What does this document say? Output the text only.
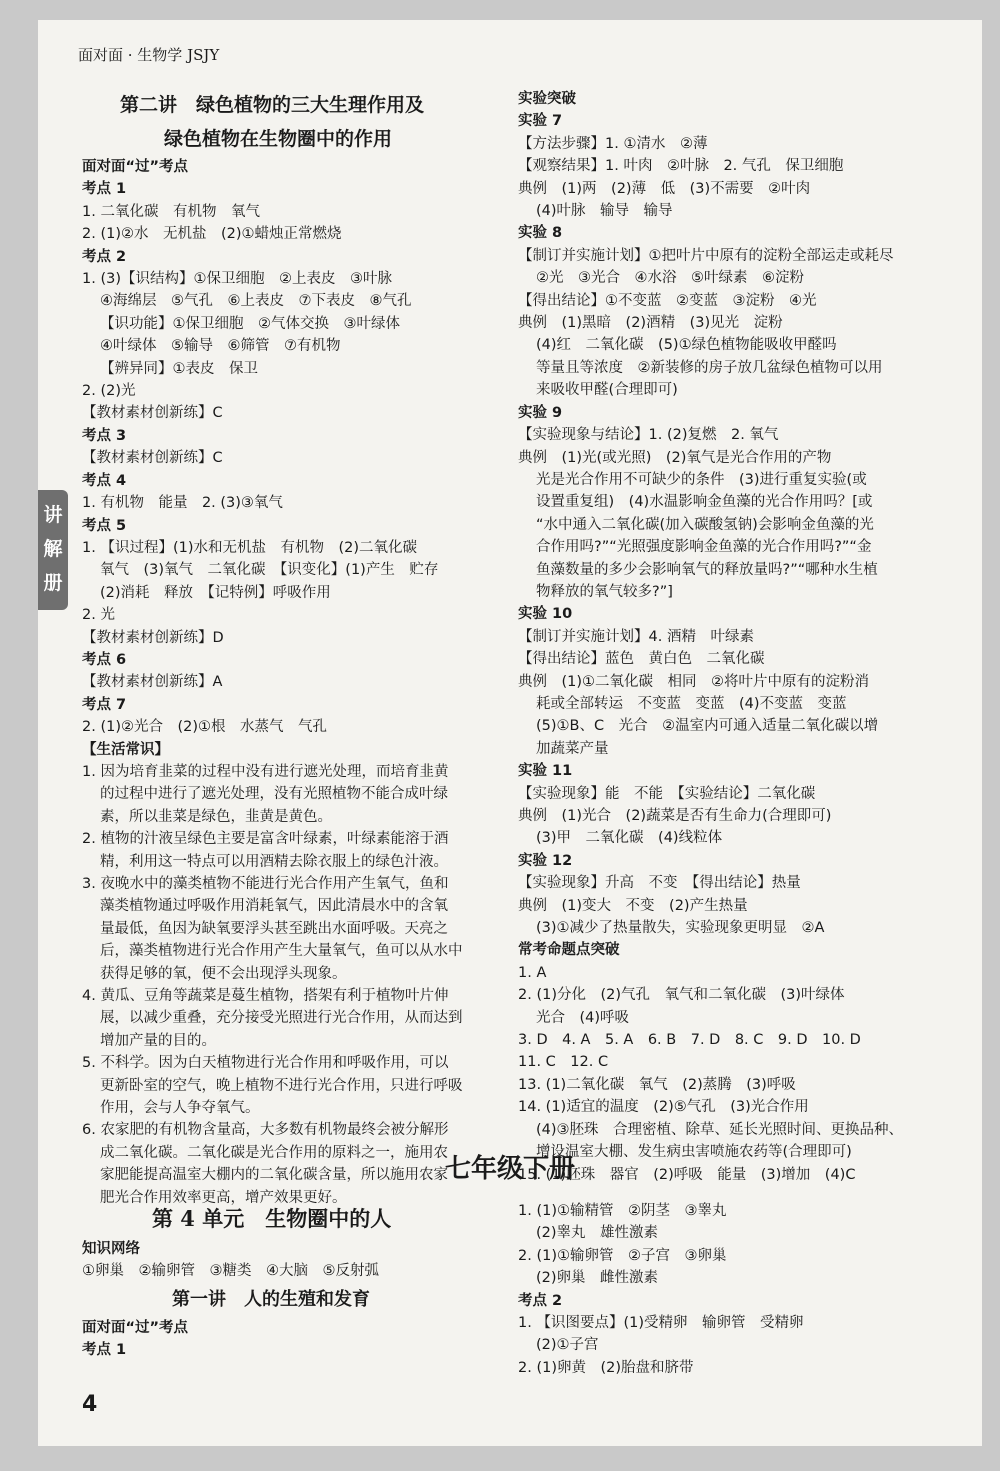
面对面 · 生物学 JSJY
讲
解
册
第二讲　绿色植物的三大生理作用及
绿色植物在生物圈中的作用
面对面“过”考点
考点 1
1. 二氧化碳　有机物　氧气
2. (1)②水　无机盐　(2)①蜡烛正常燃烧
考点 2
1. (3)【识结构】①保卫细胞　②上表皮　③叶脉
④海绵层　⑤气孔　⑥上表皮　⑦下表皮　⑧气孔
【识功能】①保卫细胞　②气体交换　③叶绿体
④叶绿体　⑤输导　⑥筛管　⑦有机物
【辨异同】①表皮　保卫
2. (2)光
【教材素材创新练】C
考点 3
【教材素材创新练】C
考点 4
1. 有机物　能量　2. (3)③氧气
考点 5
1. 【识过程】(1)水和无机盐　有机物　(2)二氧化碳
氧气　(3)氧气　二氧化碳　【识变化】(1)产生　贮存
(2)消耗　释放　【记特例】呼吸作用
2. 光
【教材素材创新练】D
考点 6
【教材素材创新练】A
考点 7
2. (1)②光合　(2)①根　水蒸气　气孔
【生活常识】
1. 因为培育韭菜的过程中没有进行遮光处理，而培育韭黄
的过程中进行了遮光处理，没有光照植物不能合成叶绿
素，所以韭菜是绿色，韭黄是黄色。
2. 植物的汁液呈绿色主要是富含叶绿素，叶绿素能溶于酒
精，利用这一特点可以用酒精去除衣服上的绿色汁液。
3. 夜晚水中的藻类植物不能进行光合作用产生氧气，鱼和
藻类植物通过呼吸作用消耗氧气，因此清晨水中的含氧
量最低，鱼因为缺氧要浮头甚至跳出水面呼吸。天亮之
后，藻类植物进行光合作用产生大量氧气，鱼可以从水中
获得足够的氧，便不会出现浮头现象。
4. 黄瓜、豆角等蔬菜是蔓生植物，搭架有利于植物叶片伸
展，以减少重叠，充分接受光照进行光合作用，从而达到
增加产量的目的。
5. 不科学。因为白天植物进行光合作用和呼吸作用，可以
更新卧室的空气，晚上植物不进行光合作用，只进行呼吸
作用，会与人争夺氧气。
6. 农家肥的有机物含量高，大多数有机物最终会被分解形
成二氧化碳。二氧化碳是光合作用的原料之一，施用农
家肥能提高温室大棚内的二氧化碳含量，所以施用农家
肥光合作用效率更高，增产效果更好。
实验突破
实验 7
【方法步骤】1. ①清水　②薄
【观察结果】1. 叶肉　②叶脉　2. 气孔　保卫细胞
典例　(1)两　(2)薄　低　(3)不需要　②叶肉
(4)叶脉　输导　输导
实验 8
【制订并实施计划】①把叶片中原有的淀粉全部运走或耗尽
②光　③光合　④水浴　⑤叶绿素　⑥淀粉
【得出结论】①不变蓝　②变蓝　③淀粉　④光
典例　(1)黑暗　(2)酒精　(3)见光　淀粉
(4)红　二氧化碳　(5)①绿色植物能吸收甲醛吗
等量且等浓度　②新装修的房子放几盆绿色植物可以用
来吸收甲醛(合理即可)
实验 9
【实验现象与结论】1. (2)复燃　2. 氧气
典例　(1)光(或光照)　(2)氧气是光合作用的产物
光是光合作用不可缺少的条件　(3)进行重复实验(或
设置重复组)　(4)水温影响金鱼藻的光合作用吗？[或
“水中通入二氧化碳(加入碳酸氢钠)会影响金鱼藻的光
合作用吗?”“光照强度影响金鱼藻的光合作用吗?”“金
鱼藻数量的多少会影响氧气的释放量吗?”“哪种水生植
物释放的氧气较多?”]
实验 10
【制订并实施计划】4. 酒精　叶绿素
【得出结论】蓝色　黄白色　二氧化碳
典例　(1)①二氧化碳　相同　②将叶片中原有的淀粉消
耗或全部转运　不变蓝　变蓝　(4)不变蓝　变蓝
(5)①B、C　光合　②温室内可通入适量二氧化碳以增
加蔬菜产量
实验 11
【实验现象】能　不能　【实验结论】二氧化碳
典例　(1)光合　(2)蔬菜是否有生命力(合理即可)
(3)甲　二氧化碳　(4)线粒体
实验 12
【实验现象】升高　不变　【得出结论】热量
典例　(1)变大　不变　(2)产生热量
(3)①减少了热量散失，实验现象更明显　②A
常考命题点突破
1. A
2. (1)分化　(2)气孔　氧气和二氧化碳　(3)叶绿体
光合　(4)呼吸
3. D　4. A　5. A　6. B　7. D　8. C　9. D　10. D
11. C　12. C
13. (1)二氧化碳　氧气　(2)蒸腾　(3)呼吸
14. (1)适宜的温度　(2)⑤气孔　(3)光合作用
(4)③胚珠　合理密植、除草、延长光照时间、更换品种、
增设温室大棚、发生病虫害喷施农药等(合理即可)
15. (1)胚珠　器官　(2)呼吸　能量　(3)增加　(4)C
七年级下册
第 4 单元　生物圈中的人
知识网络
①卵巢　②输卵管　③糖类　④大脑　⑤反射弧
第一讲　人的生殖和发育
面对面“过”考点
考点 1
1. (1)①输精管　②阴茎　③睾丸
(2)睾丸　雄性激素
2. (1)①输卵管　②子宫　③卵巢
(2)卵巢　雌性激素
考点 2
1. 【识图要点】(1)受精卵　输卵管　受精卵
(2)①子宫
2. (1)卵黄　(2)胎盘和脐带
4
